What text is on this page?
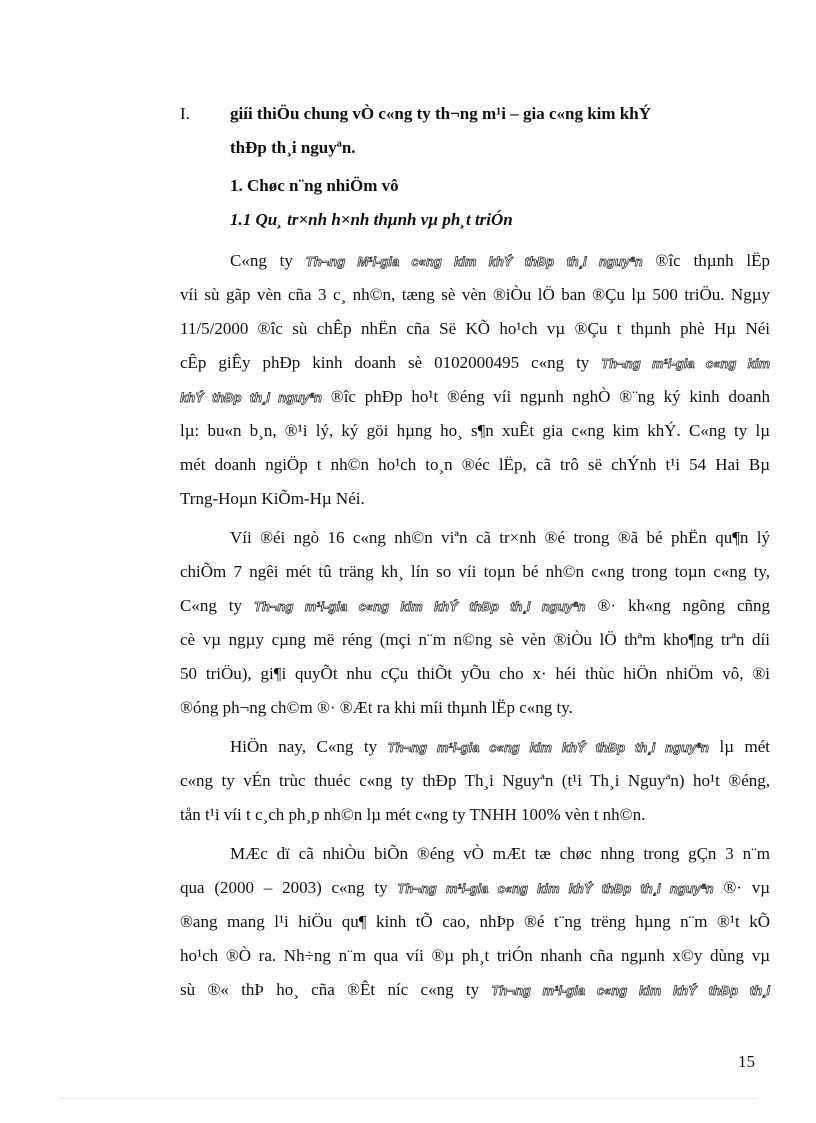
I. giíi thiÖu chung vÒ c«ng ty th¬ng m¹i – gia c«ng kim khÝ
thÐp th¸i nguyªn.
1. Chøc n¨ng nhiÖm vô
1.1 Qu¸ tr×nh h×nh thµnh vµ ph¸t triÓn
C«ng ty Th¬ng M¹i-gia c«ng kim khÝ thÐp th¸i nguyªn ®îc thµnh lËp
víi sù gãp vèn cña 3 c¸ nh©n, tæng sè vèn ®iÒu lÖ ban ®Çu lµ 500 triÖu. Ngµy
11/5/2000 ®îc sù chÊp nhËn cña Së KÕ ho¹ch vµ ®Çu t thµnh phè Hµ Néi
cÊp giÊy phÐp kinh doanh sè 0102000495 c«ng ty Th¬ng m¹i-gia c«ng kim
khÝ thÐp th¸i nguyªn ®îc phÐp ho¹t ®éng víi ngµnh nghÒ ®¨ng ký kinh doanh
lµ: bu«n b¸n, ®¹i lý, ký göi hµng ho¸ s¶n xuÊt gia c«ng kim khÝ. C«ng ty lµ
mét doanh ngiÖp t nh©n ho¹ch to¸n ®éc lËp, cã trô së chÝnh t¹i 54 Hai Bµ
Trng-Hoµn KiÕm-Hµ Néi.
Víi ®éi ngò 16 c«ng nh©n viªn cã tr×nh ®é trong ®ã bé phËn qu¶n lý
chiÕm 7 ngêi mét tû träng kh¸ lín so víi toµn bé nh©n c«ng trong toµn c«ng ty,
C«ng ty Th¬ng m¹i-gia c«ng kim khÝ thÐp th¸i nguyªn ®· kh«ng ngõng cñng
cè vµ ngµy cµng më réng (mçi n¨m n©ng sè vèn ®iÒu lÖ thªm kho¶ng trªn díi
50 triÖu), gi¶i quyÕt nhu cÇu thiÕt yÕu cho x· héi thùc hiÖn nhiÖm vô, ®i
®óng ph¬ng ch©m ®· ®Æt ra khi míi thµnh lËp c«ng ty.
HiÖn nay, C«ng ty Th¬ng m¹i-gia c«ng kim khÝ thÐp th¸i nguyªn lµ mét
c«ng ty vÉn trùc thuéc c«ng ty thÐp Th¸i Nguyªn (t¹i Th¸i Nguyªn) ho¹t ®éng,
tån t¹i víi t c¸ch ph¸p nh©n lµ mét c«ng ty TNHH 100% vèn t nh©n.
MÆc dï cã nhiÒu biÕn ®éng vÒ mÆt tæ chøc nhng trong gÇn 3 n¨m
qua (2000 – 2003) c«ng ty Th¬ng m¹i-gia c«ng kim khÝ thÐp th¸i nguyªn ®· vµ
®ang mang l¹i hiÖu qu¶ kinh tÕ cao, nhÞp ®é t¨ng trëng hµng n¨m ®¹t kÕ
ho¹ch ®Ò ra. Nh÷ng n¨m qua víi ®µ ph¸t triÓn nhanh cña ngµnh x©y dùng vµ
sù ®« thÞ ho¸ cña ®Êt níc c«ng ty Th¬ng m¹i-gia c«ng kim khÝ thÐp th¸i
15
